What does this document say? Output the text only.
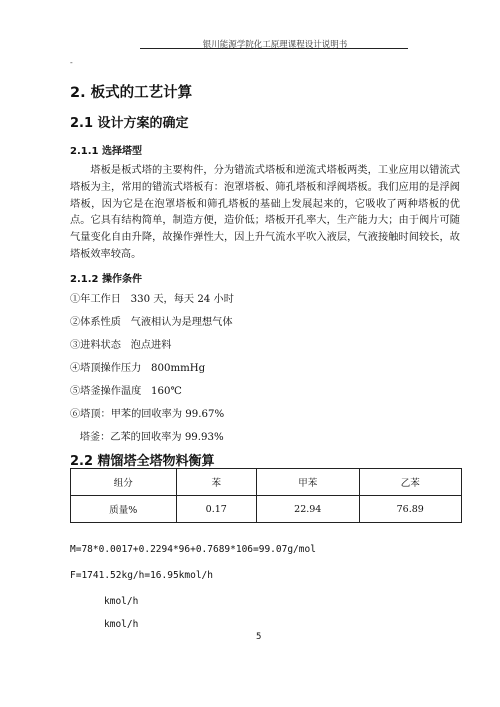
银川能源学院化工原理课程设计说明书
-
2. 板式的工艺计算
2.1 设计方案的确定
2.1.1 选择塔型
塔板是板式塔的主要构件，分为错流式塔板和逆流式塔板两类，工业应用以错流式塔板为主，常用的错流式塔板有：泡罩塔板、筛孔塔板和浮阀塔板。我们应用的是浮阀塔板，因为它是在泡罩塔板和筛孔塔板的基础上发展起来的，它吸收了两种塔板的优点。它具有结构简单，制造方便，造价低；塔板开孔率大，生产能力大；由于阀片可随气量变化自由升降，故操作弹性大，因上升气流水平吹入液层，气液接触时间较长，故塔板效率较高。
2.1.2 操作条件
①年工作日   330 天，每天 24 小时
②体系性质   气液相认为是理想气体
③进料状态   泡点进料
④塔顶操作压力   800mmHg
⑤塔釜操作温度   160℃
⑥塔顶：甲苯的回收率为 99.67%
塔釜：乙苯的回收率为 99.93%
2.2 精馏塔全塔物料衡算
组分	苯	甲苯	乙苯
质量%	0.17	22.94	76.89
M=78*0.0017+0.2294*96+0.7689*106=99.07g/mol
F=1741.52kg/h=16.95kmol/h
kmol/h
kmol/h
5
